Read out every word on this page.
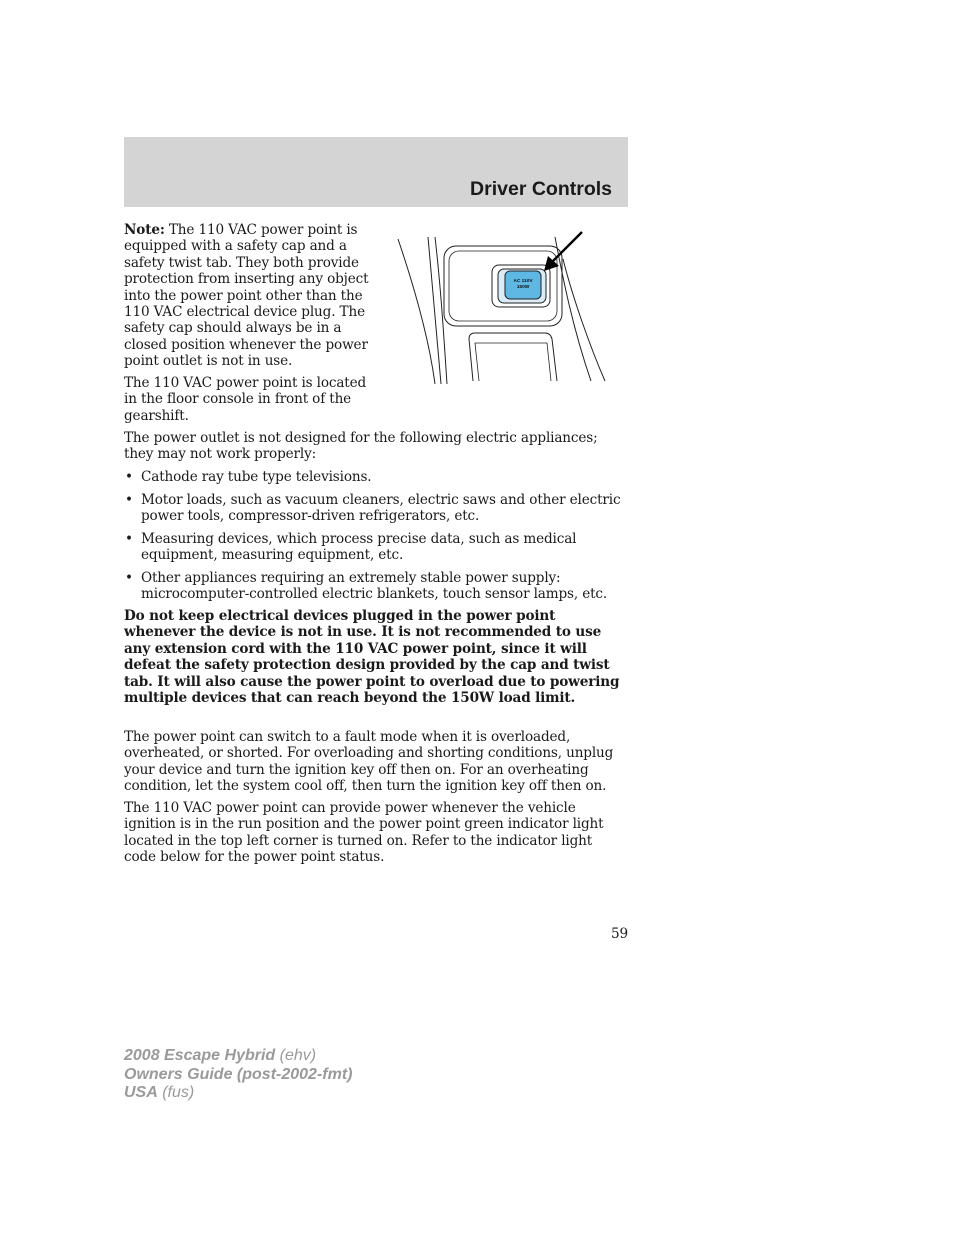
Driver Controls

Note: The 110 VAC power point is equipped with a safety cap and a safety twist tab. They both provide protection from inserting any object into the power point other than the 110 VAC electrical device plug. The safety cap should always be in a closed position whenever the power point outlet is not in use.

The 110 VAC power point is located in the floor console in front of the gearshift.

The power outlet is not designed for the following electric appliances; they may not work properly:

• Cathode ray tube type televisions.
• Motor loads, such as vacuum cleaners, electric saws and other electric power tools, compressor-driven refrigerators, etc.
• Measuring devices, which process precise data, such as medical equipment, measuring equipment, etc.
• Other appliances requiring an extremely stable power supply: microcomputer-controlled electric blankets, touch sensor lamps, etc.

Do not keep electrical devices plugged in the power point whenever the device is not in use. It is not recommended to use any extension cord with the 110 VAC power point, since it will defeat the safety protection design provided by the cap and twist tab. It will also cause the power point to overload due to powering multiple devices that can reach beyond the 150W load limit.

The power point can switch to a fault mode when it is overloaded, overheated, or shorted. For overloading and shorting conditions, unplug your device and turn the ignition key off then on. For an overheating condition, let the system cool off, then turn the ignition key off then on.

The 110 VAC power point can provide power whenever the vehicle ignition is in the run position and the power point green indicator light located in the top left corner is turned on. Refer to the indicator light code below for the power point status.

59
AC 110V
150W
2008 Escape Hybrid (ehv)
Owners Guide (post-2002-fmt)
USA (fus)
